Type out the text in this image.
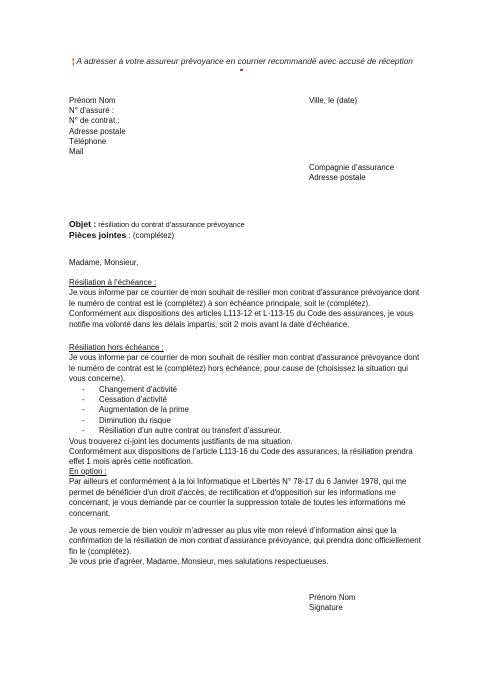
¦ A adresser à votre assureur prévoyance en courrier recommandé avec accusé de réception
Prénom Nom
N° d'assuré :
N° de contrat :
Adresse postale
Téléphone
Mail
Ville, le (date)
Compagnie d’assurance
Adresse postale
Objet : résiliation du contrat d’assurance prévoyance
Pièces jointes : (complétez)

Madame, Monsieur,

Résiliation à l’échéance :

Je vous informe par ce courrier de mon souhait de résilier mon contrat d'assurance prévoyance dont le numéro de contrat est le (complétez) à son échéance principale, soit le (complétez).

Conformément aux dispositions des articles L113-12 et L-113-15 du Code des assurances, je vous notifie ma volonté dans les délais impartis, soit 2 mois avant la date d’échéance.

Résiliation hors échéance :

Je vous informe par ce courrier de mon souhait de résilier mon contrat d'assurance prévoyance dont le numéro de contrat est le (complétez) hors échéance, pour cause de (choisissez la situation qui vous concerne).

- Changement d’activité
- Cessation d’activité
- Augmentation de la prime
- Diminution du risque
- Résiliation d’un autre contrat ou transfert d’assureur.

Vous trouverez ci-joint les documents justifiants de ma situation.

Conformément aux dispositions de l’article L113-16 du Code des assurances, la résiliation prendra effet 1 mois après cette notification.

En option :

Par ailleurs et conformément à la loi Informatique et Libertés N° 78-17 du 6 Janvier 1978, qui me permet de bénéficier d'un droit d'accès, de rectification et d'opposition sur les informations me concernant, je vous demande par ce courrier la suppression totale de toutes les informations me concernant.

Je vous remercie de bien vouloir m’adresser au plus vite mon relevé d’information ainsi que la confirmation de la résiliation de mon contrat d'assurance prévoyance, qui prendra donc officiellement fin le (complétez).

Je vous prie d'agréer, Madame, Monsieur, mes salutations respectueuses.

Prénom Nom
Signature
